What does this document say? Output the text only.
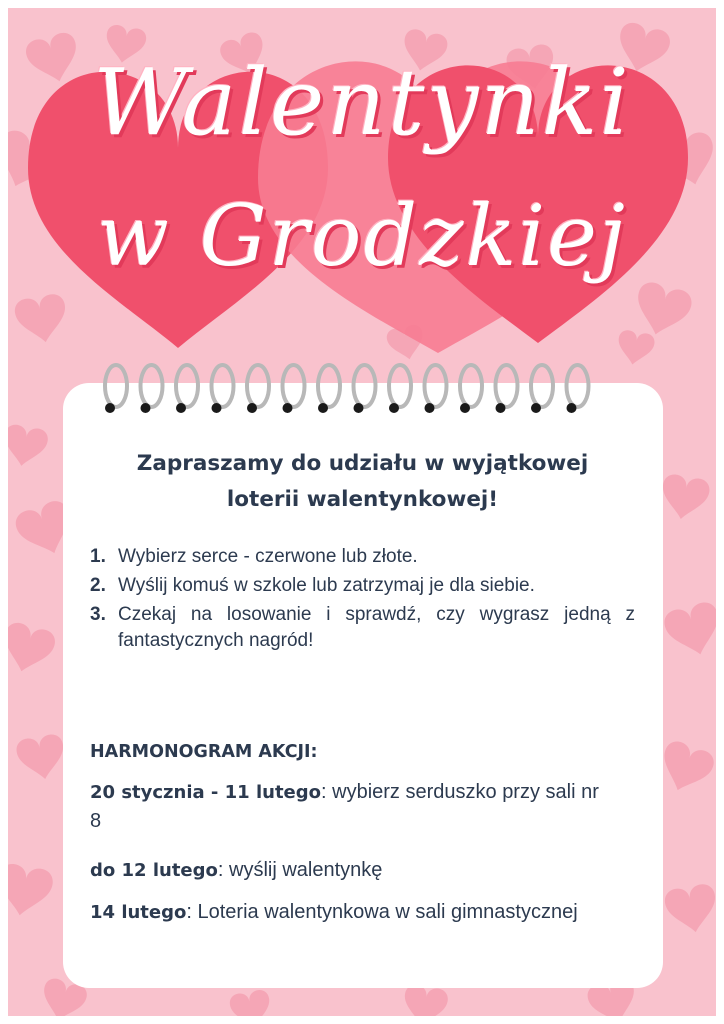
Walentynki
w Grodzkiej
Zapraszamy do udziału w wyjątkowej
loterii walentynkowej!
1. Wybierz serce - czerwone lub złote.
2. Wyślij komuś w szkole lub zatrzymaj je dla siebie.
3. Czekaj na losowanie i sprawdź, czy wygrasz jedną z fantastycznych nagród!
HARMONOGRAM AKCJI:
20 stycznia - 11 lutego: wybierz serduszko przy sali nr 8
do 12 lutego: wyślij walentynkę
14 lutego: Loteria walentynkowa w sali gimnastycznej
